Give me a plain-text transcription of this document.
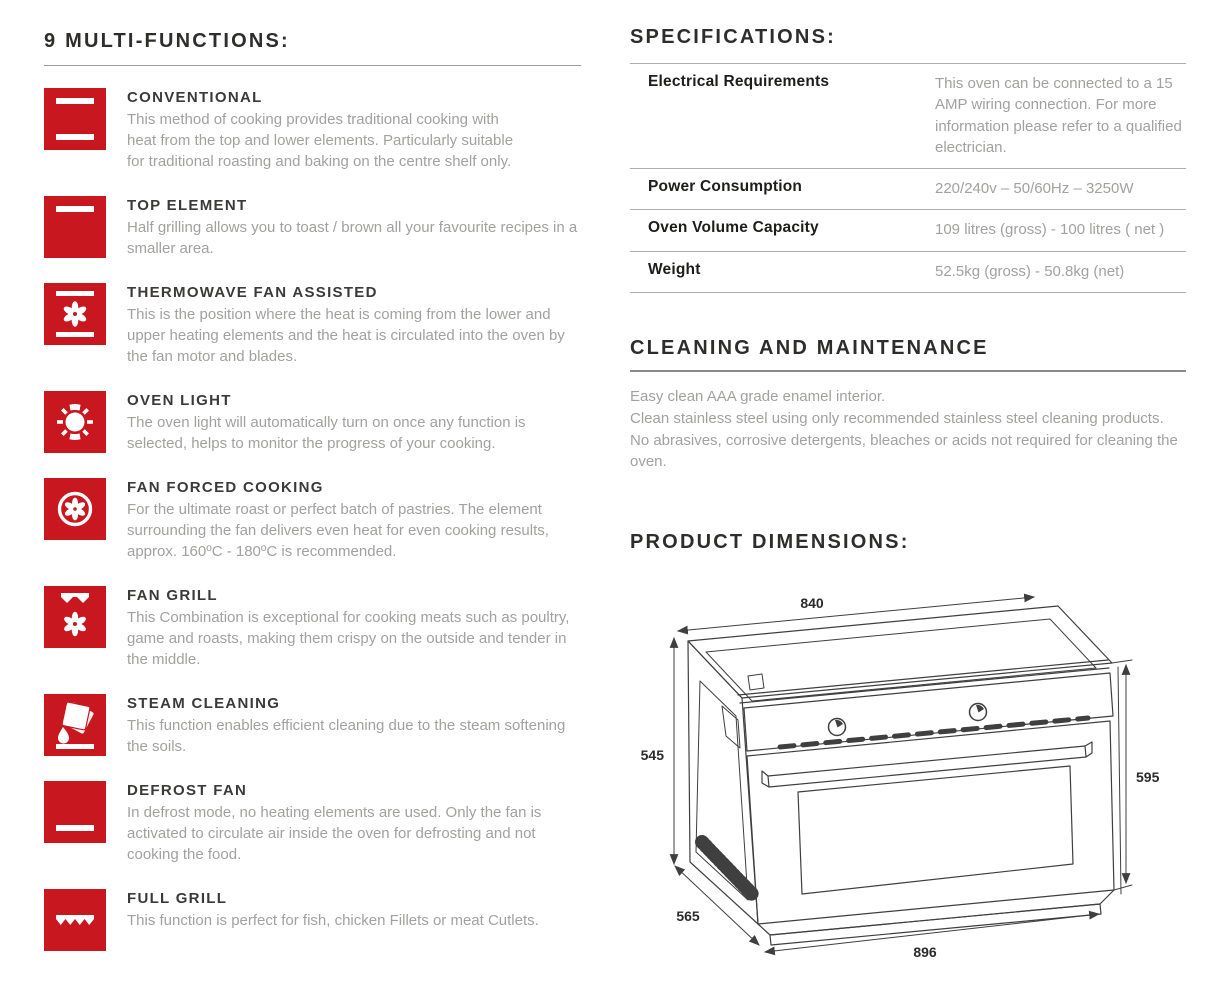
9 MULTI-FUNCTIONS:
CONVENTIONAL
This method of cooking provides traditional cooking with heat from the top and lower elements. Particularly suitable for traditional roasting and baking on the centre shelf only.
TOP ELEMENT
Half grilling allows you to toast / brown all your favourite recipes in a smaller area.
THERMOWAVE FAN ASSISTED
This is the position where the heat is coming from the lower and upper heating elements and the heat is circulated into the oven by the fan motor and blades.
OVEN LIGHT
The oven light will automatically turn on once any function is selected, helps to monitor the progress of your cooking.
FAN FORCED COOKING
For the ultimate roast or perfect batch of pastries. The element surrounding the fan delivers even heat for even cooking results, approx. 160ºC - 180ºC is recommended.
FAN GRILL
This Combination is exceptional for cooking meats such as poultry, game and roasts, making them crispy on the outside and tender in the middle.
STEAM CLEANING
This function enables efficient cleaning due to the steam softening the soils.
DEFROST FAN
In defrost mode, no heating elements are used. Only the fan is activated to circulate air inside the oven for defrosting and not cooking the food.
FULL GRILL
This function is perfect for fish, chicken Fillets or meat Cutlets.
SPECIFICATIONS:
Electrical Requirements	This oven can be connected to a 15 AMP wiring connection. For more information please refer to a qualified electrician.
Power Consumption	220/240v – 50/60Hz – 3250W
Oven Volume Capacity	109 litres (gross) - 100 litres ( net )
Weight	52.5kg (gross) - 50.8kg (net)
CLEANING AND MAINTENANCE

Easy clean AAA grade enamel interior.

Clean stainless steel using only recommended stainless steel cleaning products. No abrasives, corrosive detergents, bleaches or acids not required for cleaning the oven.

PRODUCT DIMENSIONS:
840
545
565
595
896
